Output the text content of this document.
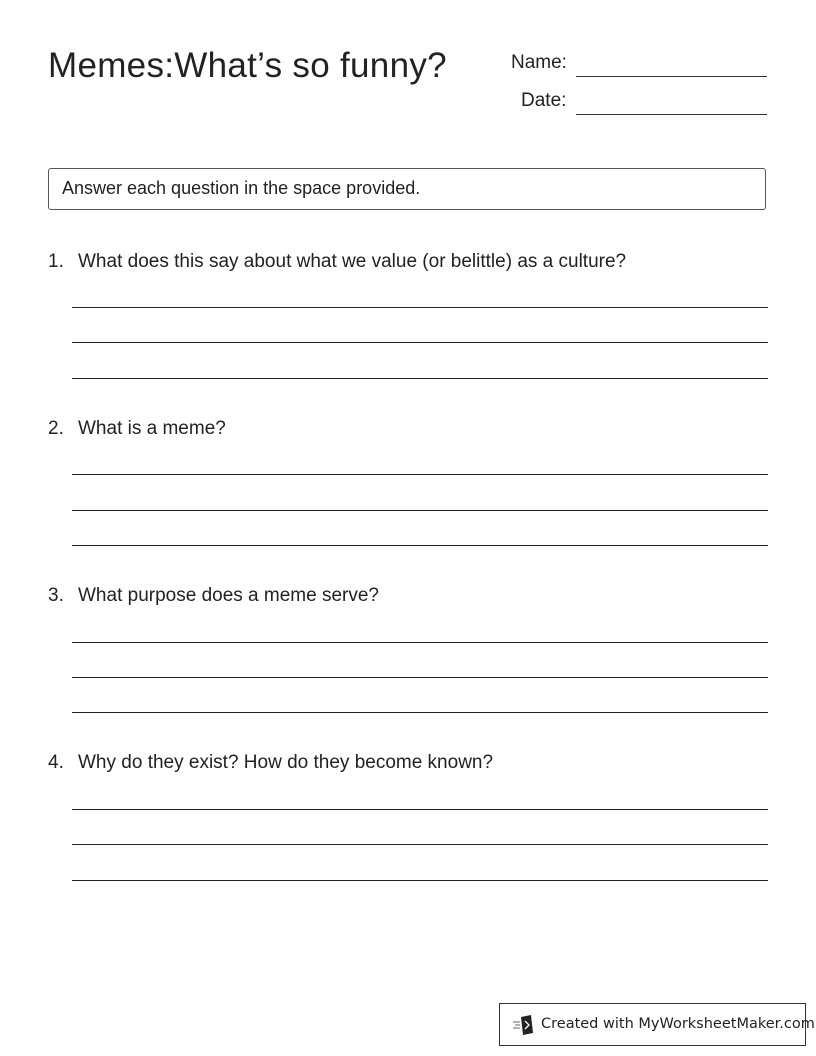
Memes:What’s so funny?	Name:
Date:
Answer each question in the space provided.
1. What does this say about what we value (or belittle) as a culture?
2. What is a meme?
3. What purpose does a meme serve?
4. Why do they exist? How do they become known?
Created with MyWorksheetMaker.com
